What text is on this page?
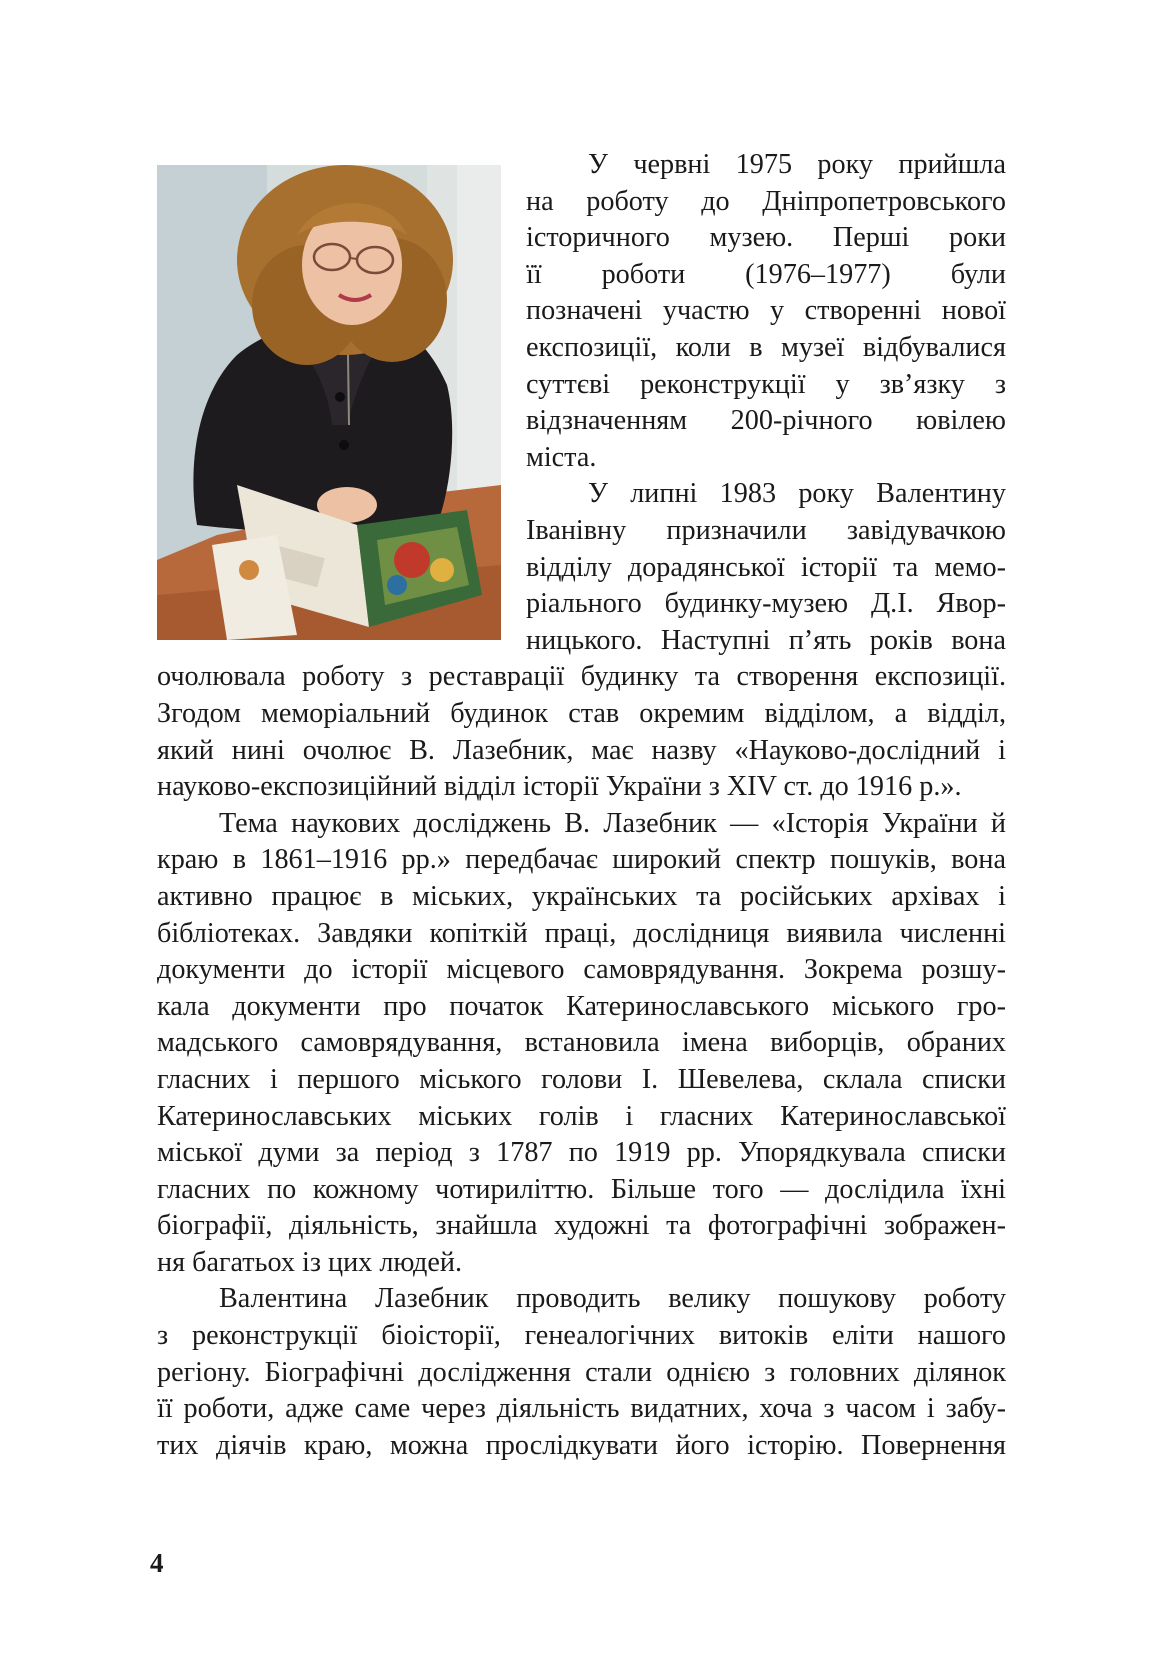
У червні 1975 року прийшла
на роботу до Дніпропетровського
історичного музею. Перші роки
її роботи (1976–1977) були
позначені участю у створенні нової
експозиції, коли в музеї відбувалися
суттєві реконструкції у зв’язку з
відзначенням 200-річного ювілею
міста.
У липні 1983 року Валентину
Іванівну призначили завідувачкою
відділу дорадянської історії та мемо-
ріального будинку-музею Д.І. Явор-
ницького. Наступні п’ять років вона
очолювала роботу з реставрації будинку та створення експозиції.
Згодом меморіальний будинок став окремим відділом, а відділ,
який нині очолює В. Лазебник, має назву «Науково-дослідний і
науково-експозиційний відділ історії України з XIV ст. до 1916 р.».
Тема наукових досліджень В. Лазебник — «Історія України й
краю в 1861–1916 рр.» передбачає широкий спектр пошуків, вона
активно працює в міських, українських та російських архівах і
бібліотеках. Завдяки копіткій праці, дослідниця виявила численні
документи до історії місцевого самоврядування. Зокрема розшу-
кала документи про початок Катеринославського міського гро-
мадського самоврядування, встановила імена виборців, обраних
гласних і першого міського голови І. Шевелева, склала списки
Катеринославських міських голів і гласних Катеринославської
міської думи за період з 1787 по 1919 рр. Упорядкувала списки
гласних по кожному чотириліттю. Більше того — дослідила їхні
біографії, діяльність, знайшла художні та фотографічні зображен-
ня багатьох із цих людей.
Валентина Лазебник проводить велику пошукову роботу
з реконструкції біоісторії, генеалогічних витоків еліти нашого
регіону. Біографічні дослідження стали однією з головних ділянок
її роботи, адже саме через діяльність видатних, хоча з часом і забу-
тих діячів краю, можна прослідкувати його історію. Повернення
4
